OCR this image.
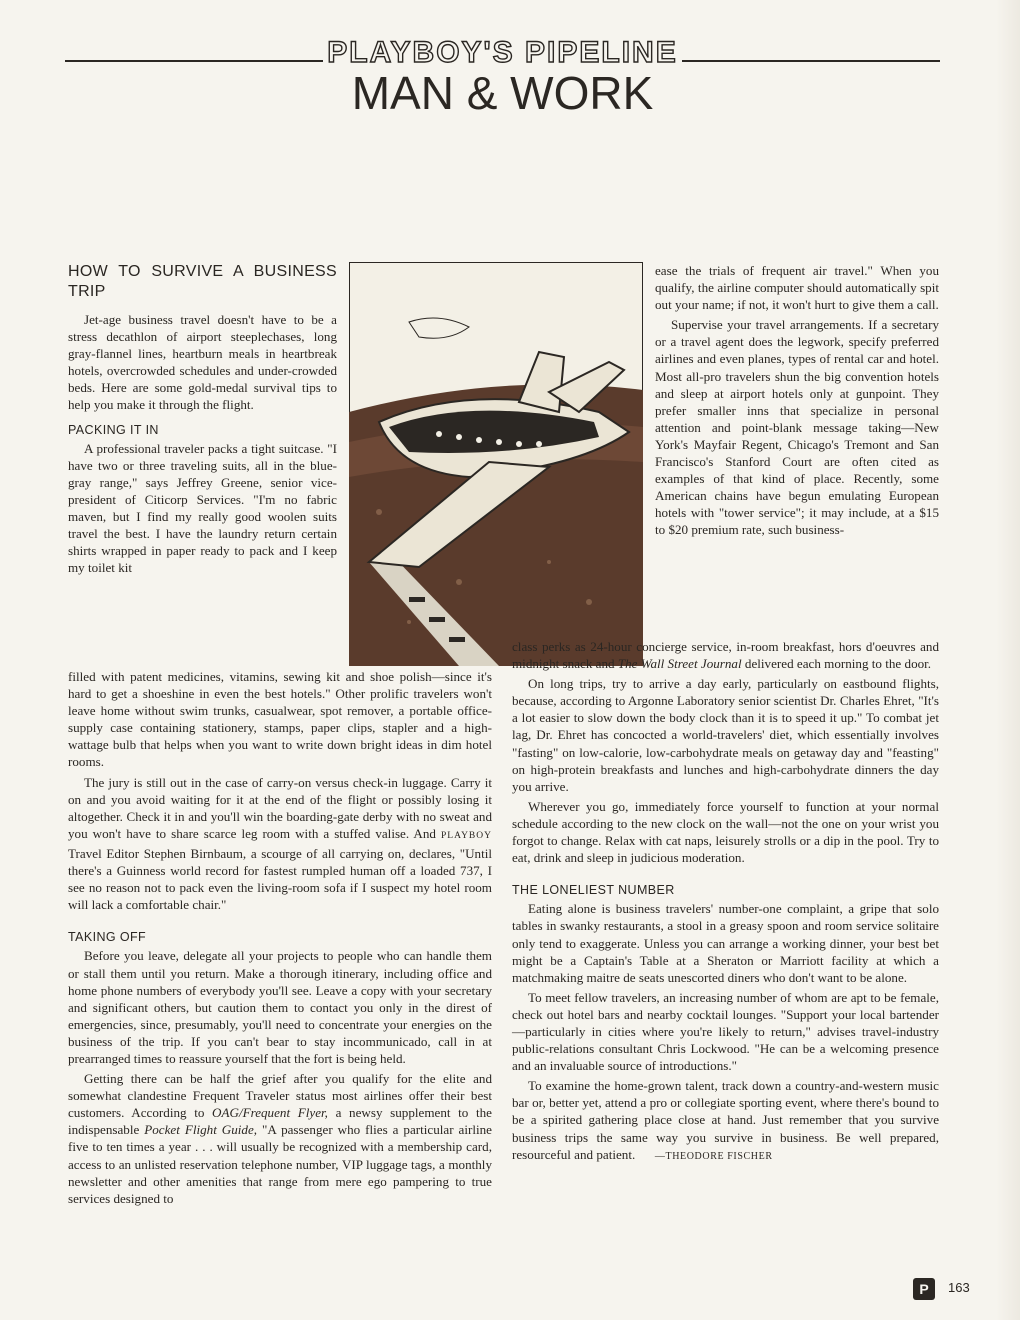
PLAYBOY'S PIPELINE
MAN & WORK
HOW TO SURVIVE A BUSINESS TRIP

Jet-age business travel doesn't have to be a stress decathlon of airport steeplechases, long gray-flannel lines, heartburn meals in heartbreak hotels, overcrowded schedules and under-crowded beds. Here are some gold-medal survival tips to help you make it through the flight.

PACKING IT IN

A professional traveler packs a tight suitcase. "I have two or three traveling suits, all in the blue-gray range," says Jeffrey Greene, senior vice-president of Citicorp Services. "I'm no fabric maven, but I find my really good woolen suits travel the best. I have the laundry return certain shirts wrapped in paper ready to pack and I keep my toilet kit

filled with patent medicines, vitamins, sewing kit and shoe polish—since it's hard to get a shoeshine in even the best hotels." Other prolific travelers won't leave home without swim trunks, casualwear, spot remover, a portable office-supply case containing stationery, stamps, paper clips, stapler and a high-wattage bulb that helps when you want to write down bright ideas in dim hotel rooms.

The jury is still out in the case of carry-on versus check-in luggage. Carry it on and you avoid waiting for it at the end of the flight or possibly losing it altogether. Check it in and you'll win the boarding-gate derby with no sweat and you won't have to share scarce leg room with a stuffed valise. And PLAYBOY Travel Editor Stephen Birnbaum, a scourge of all carrying on, declares, "Until there's a Guinness world record for fastest rumpled human off a loaded 737, I see no reason not to pack even the living-room sofa if I suspect my hotel room will lack a comfortable chair."

TAKING OFF

Before you leave, delegate all your projects to people who can handle them or stall them until you return. Make a thorough itinerary, including office and home phone numbers of everybody you'll see. Leave a copy with your secretary and significant others, but caution them to contact you only in the direst of emergencies, since, presumably, you'll need to concentrate your energies on the business of the trip. If you can't bear to stay incommunicado, call in at prearranged times to reassure yourself that the fort is being held.

Getting there can be half the grief after you qualify for the elite and somewhat clandestine Frequent Traveler status most airlines offer their best customers. According to OAG/Frequent Flyer, a newsy supplement to the indispensable Pocket Flight Guide, "A passenger who flies a particular airline five to ten times a year . . . will usually be recognized with a membership card, access to an unlisted reservation telephone number, VIP luggage tags, a monthly newsletter and other amenities that range from mere ego pampering to true services designed to

ease the trials of frequent air travel." When you qualify, the airline computer should automatically spit out your name; if not, it won't hurt to give them a call.

Supervise your travel arrangements. If a secretary or a travel agent does the legwork, specify preferred airlines and even planes, types of rental car and hotel. Most all-pro travelers shun the big convention hotels and sleep at airport hotels only at gunpoint. They prefer smaller inns that specialize in personal attention and point-blank message taking—New York's Mayfair Regent, Chicago's Tremont and San Francisco's Stanford Court are often cited as examples of that kind of place. Recently, some American chains have begun emulating European hotels with "tower service"; it may include, at a $15 to $20 premium rate, such business-

class perks as 24-hour concierge service, in-room breakfast, hors d'oeuvres and midnight snack and The Wall Street Journal delivered each morning to the door.

On long trips, try to arrive a day early, particularly on eastbound flights, because, according to Argonne Laboratory senior scientist Dr. Charles Ehret, "It's a lot easier to slow down the body clock than it is to speed it up." To combat jet lag, Dr. Ehret has concocted a world-travelers' diet, which essentially involves "fasting" on low-calorie, low-carbohydrate meals on getaway day and "feasting" on high-protein breakfasts and lunches and high-carbohydrate dinners the day you arrive.

Wherever you go, immediately force yourself to function at your normal schedule according to the new clock on the wall—not the one on your wrist you forgot to change. Relax with cat naps, leisurely strolls or a dip in the pool. Try to eat, drink and sleep in judicious moderation.

THE LONELIEST NUMBER

Eating alone is business travelers' number-one complaint, a gripe that solo tables in swanky restaurants, a stool in a greasy spoon and room service solitaire only tend to exaggerate. Unless you can arrange a working dinner, your best bet might be a Captain's Table at a Sheraton or Marriott facility at which a matchmaking maitre de seats unescorted diners who don't want to be alone.

To meet fellow travelers, an increasing number of whom are apt to be female, check out hotel bars and nearby cocktail lounges. "Support your local bartender—particularly in cities where you're likely to return," advises travel-industry public-relations consultant Chris Lockwood. "He can be a welcoming presence and an invaluable source of introductions."

To examine the home-grown talent, track down a country-and-western music bar or, better yet, attend a pro or collegiate sporting event, where there's bound to be a spirited gathering place close at hand. Just remember that you survive business trips the same way you survive in business. Be well prepared, resourceful and patient. —THEODORE FISCHER

P	163
